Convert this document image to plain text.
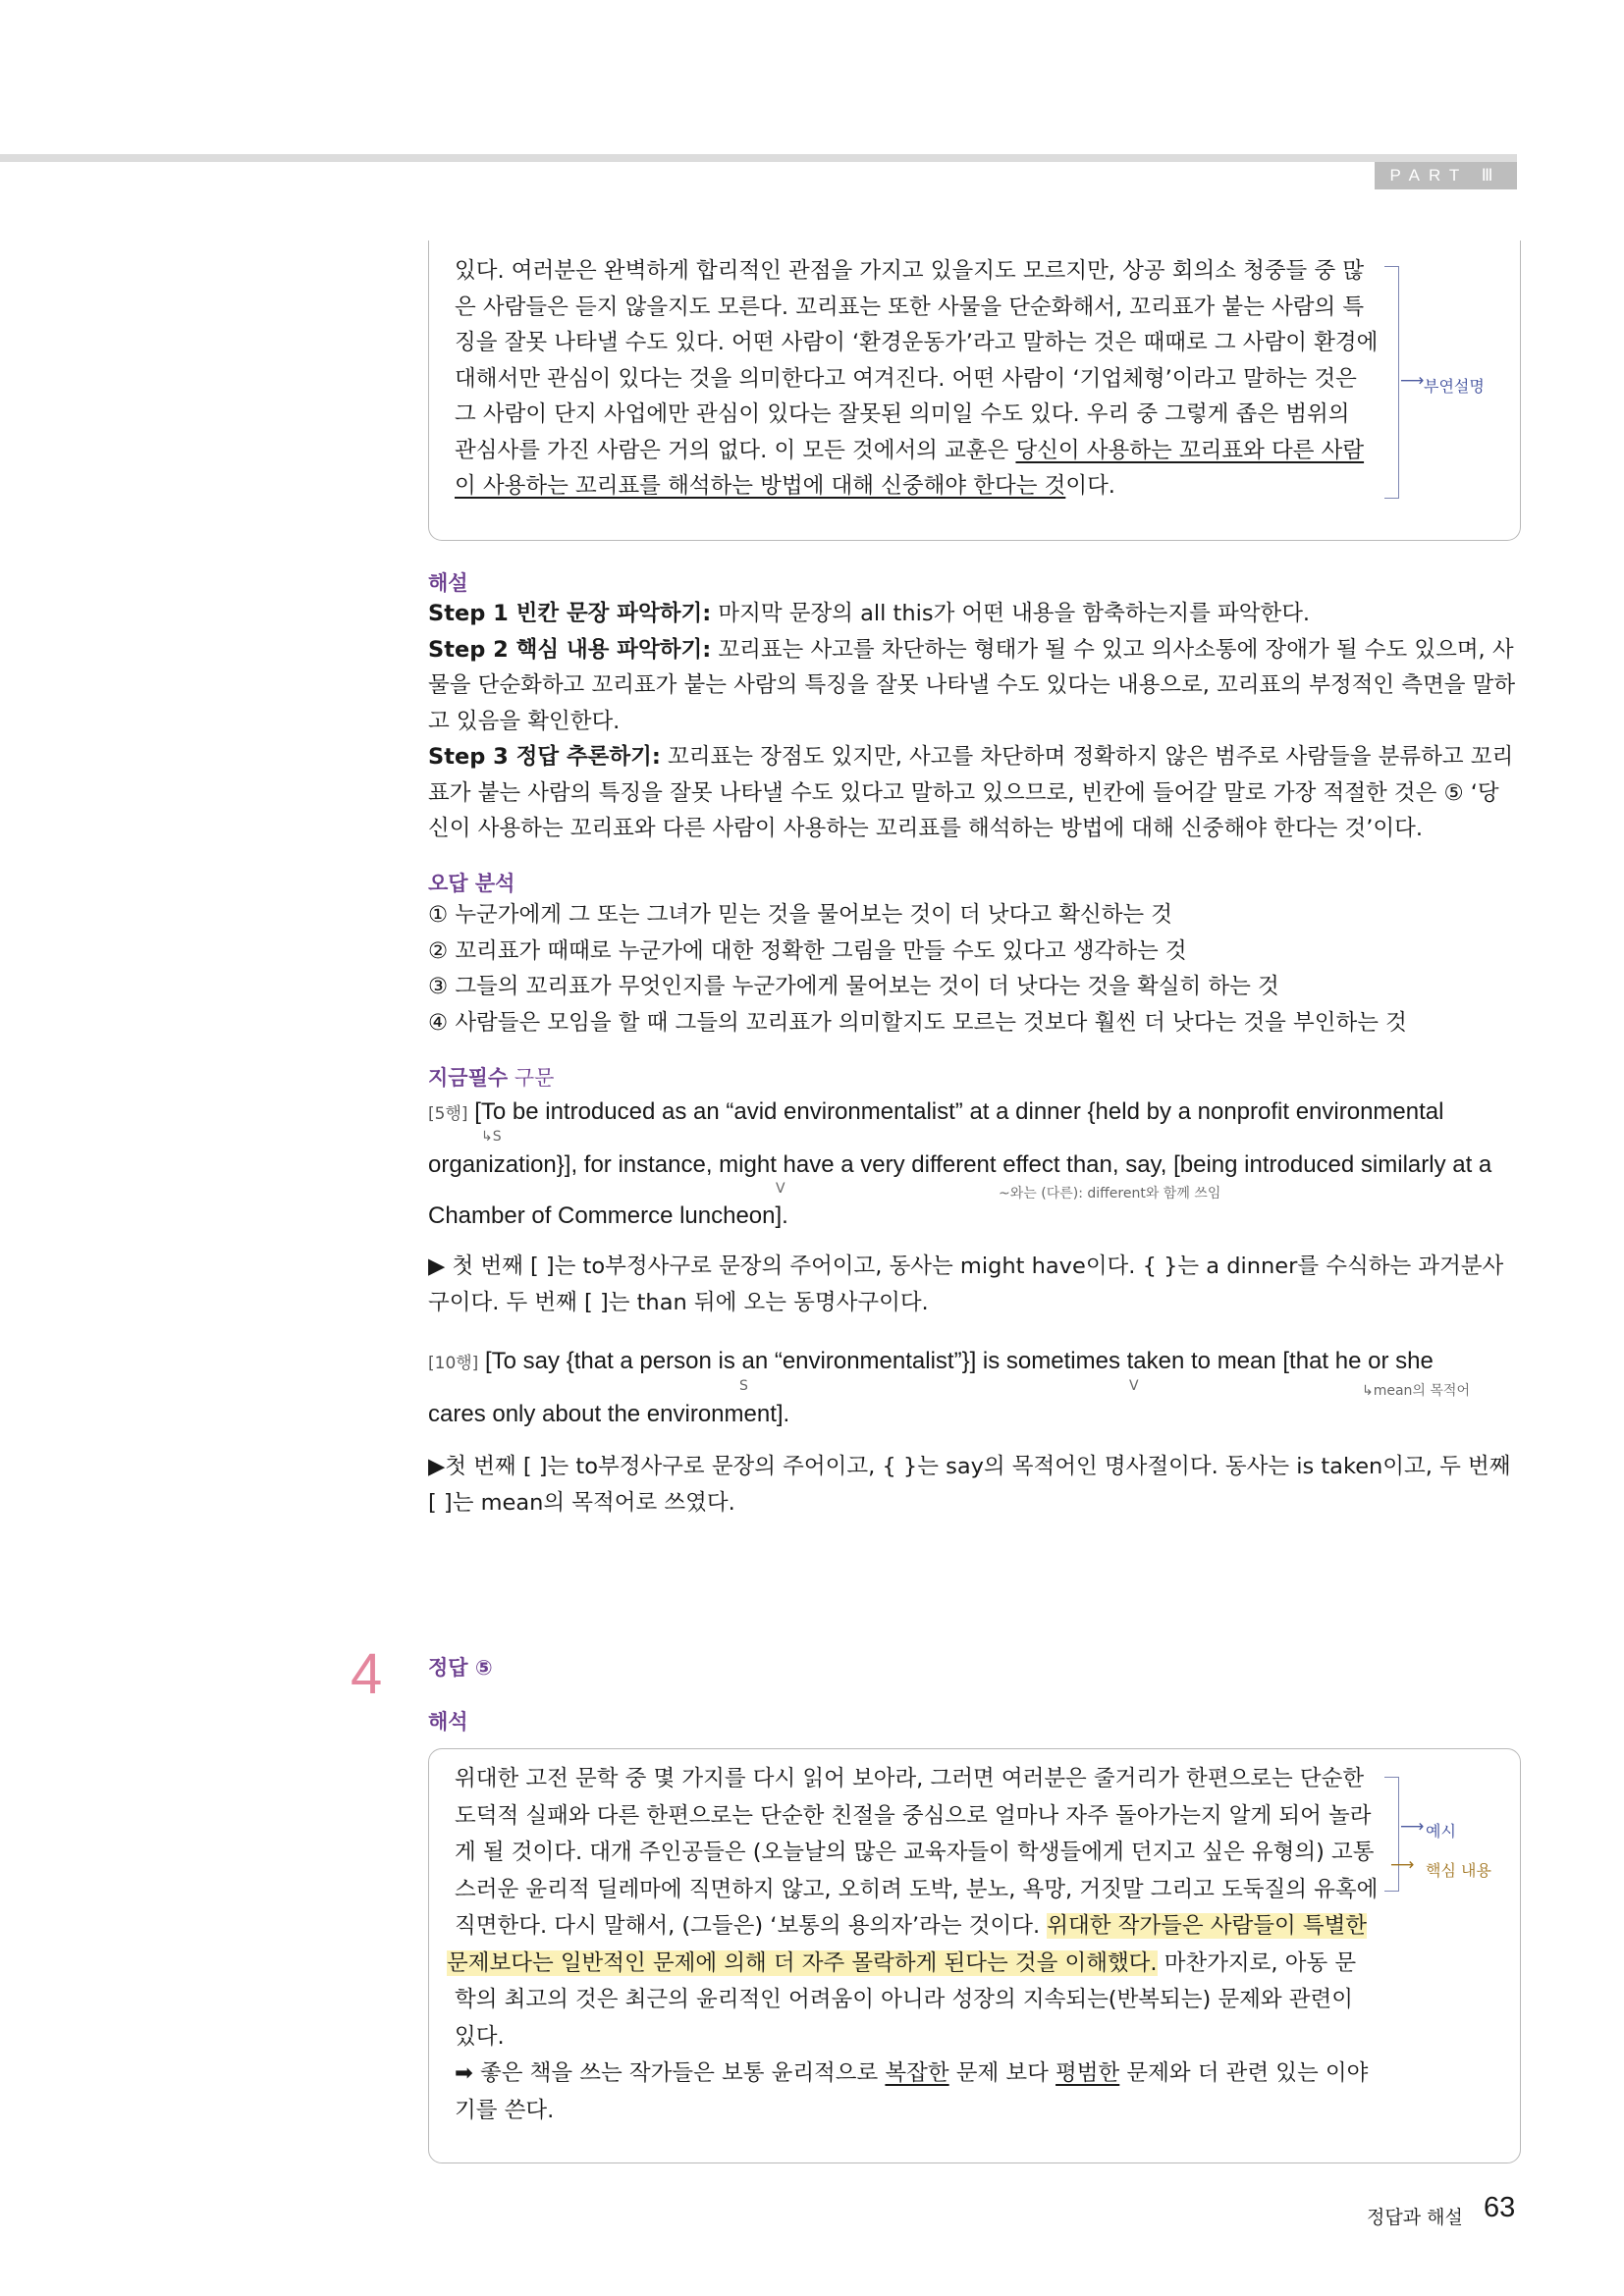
PART Ⅲ
있다. 여러분은 완벽하게 합리적인 관점을 가지고 있을지도 모르지만, 상공 회의소 청중들 중 많
은 사람들은 듣지 않을지도 모른다. 꼬리표는 또한 사물을 단순화해서, 꼬리표가 붙는 사람의 특
징을 잘못 나타낼 수도 있다. 어떤 사람이 ‘환경운동가’라고 말하는 것은 때때로 그 사람이 환경에
대해서만 관심이 있다는 것을 의미한다고 여겨진다. 어떤 사람이 ‘기업체형’이라고 말하는 것은
그 사람이 단지 사업에만 관심이 있다는 잘못된 의미일 수도 있다. 우리 중 그렇게 좁은 범위의
관심사를 가진 사람은 거의 없다. 이 모든 것에서의 교훈은 당신이 사용하는 꼬리표와 다른 사람
이 사용하는 꼬리표를 해석하는 방법에 대해 신중해야 한다는 것이다.
⟶ 부연설명
해설
Step 1 빈칸 문장 파악하기: 마지막 문장의 all this가 어떤 내용을 함축하는지를 파악한다.
Step 2 핵심 내용 파악하기: 꼬리표는 사고를 차단하는 형태가 될 수 있고 의사소통에 장애가 될 수도 있으며, 사물을 단순화하고 꼬리표가 붙는 사람의 특징을 잘못 나타낼 수도 있다는 내용으로, 꼬리표의 부정적인 측면을 말하고 있음을 확인한다.
Step 3 정답 추론하기: 꼬리표는 장점도 있지만, 사고를 차단하며 정확하지 않은 범주로 사람들을 분류하고 꼬리표가 붙는 사람의 특징을 잘못 나타낼 수도 있다고 말하고 있으므로, 빈칸에 들어갈 말로 가장 적절한 것은 ⑤ ‘당신이 사용하는 꼬리표와 다른 사람이 사용하는 꼬리표를 해석하는 방법에 대해 신중해야 한다는 것’이다.
오답 분석
① 누군가에게 그 또는 그녀가 믿는 것을 물어보는 것이 더 낫다고 확신하는 것
② 꼬리표가 때때로 누군가에 대한 정확한 그림을 만들 수도 있다고 생각하는 것
③ 그들의 꼬리표가 무엇인지를 누군가에게 물어보는 것이 더 낫다는 것을 확실히 하는 것
④ 사람들은 모임을 할 때 그들의 꼬리표가 의미할지도 모르는 것보다 훨씬 더 낫다는 것을 부인하는 것
지금필수 구문
[5행] [To be introduced as an “avid environmentalist” at a dinner {held by a nonprofit environmental
organization}], for instance, might have a very different effect than, say, [being introduced similarly at a
Chamber of Commerce luncheon].
↳S
V	~와는 (다른): different와 함께 쓰임
▶ 첫 번째 [ ]는 to부정사구로 문장의 주어이고, 동사는 might have이다. { }는 a dinner를 수식하는 과거분사구이다. 두 번째 [ ]는 than 뒤에 오는 동명사구이다.
[10행] [To say {that a person is an “environmentalist”}] is sometimes taken to mean [that he or she
cares only about the environment].
S	V	↳mean의 목적어
▶첫 번째 [ ]는 to부정사구로 문장의 주어이고, { }는 say의 목적어인 명사절이다. 동사는 is taken이고, 두 번째 [ ]는 mean의 목적어로 쓰였다.
4 정답 ⑤
해석
위대한 고전 문학 중 몇 가지를 다시 읽어 보아라, 그러면 여러분은 줄거리가 한편으로는 단순한
도덕적 실패와 다른 한편으로는 단순한 친절을 중심으로 얼마나 자주 돌아가는지 알게 되어 놀라
게 될 것이다. 대개 주인공들은 (오늘날의 많은 교육자들이 학생들에게 던지고 싶은 유형의) 고통
스러운 윤리적 딜레마에 직면하지 않고, 오히려 도박, 분노, 욕망, 거짓말 그리고 도둑질의 유혹에
직면한다. 다시 말해서, (그들은) ‘보통의 용의자’라는 것이다. 위대한 작가들은 사람들이 특별한
문제보다는 일반적인 문제에 의해 더 자주 몰락하게 된다는 것을 이해했다. 마찬가지로, 아동 문
학의 최고의 것은 최근의 윤리적인 어려움이 아니라 성장의 지속되는(반복되는) 문제와 관련이
있다.
➡ 좋은 책을 쓰는 작가들은 보통 윤리적으로 복잡한 문제 보다 평범한 문제와 더 관련 있는 이야
기를 쓴다.
⟶ 예시
⟶ 핵심 내용
정답과 해설 63
